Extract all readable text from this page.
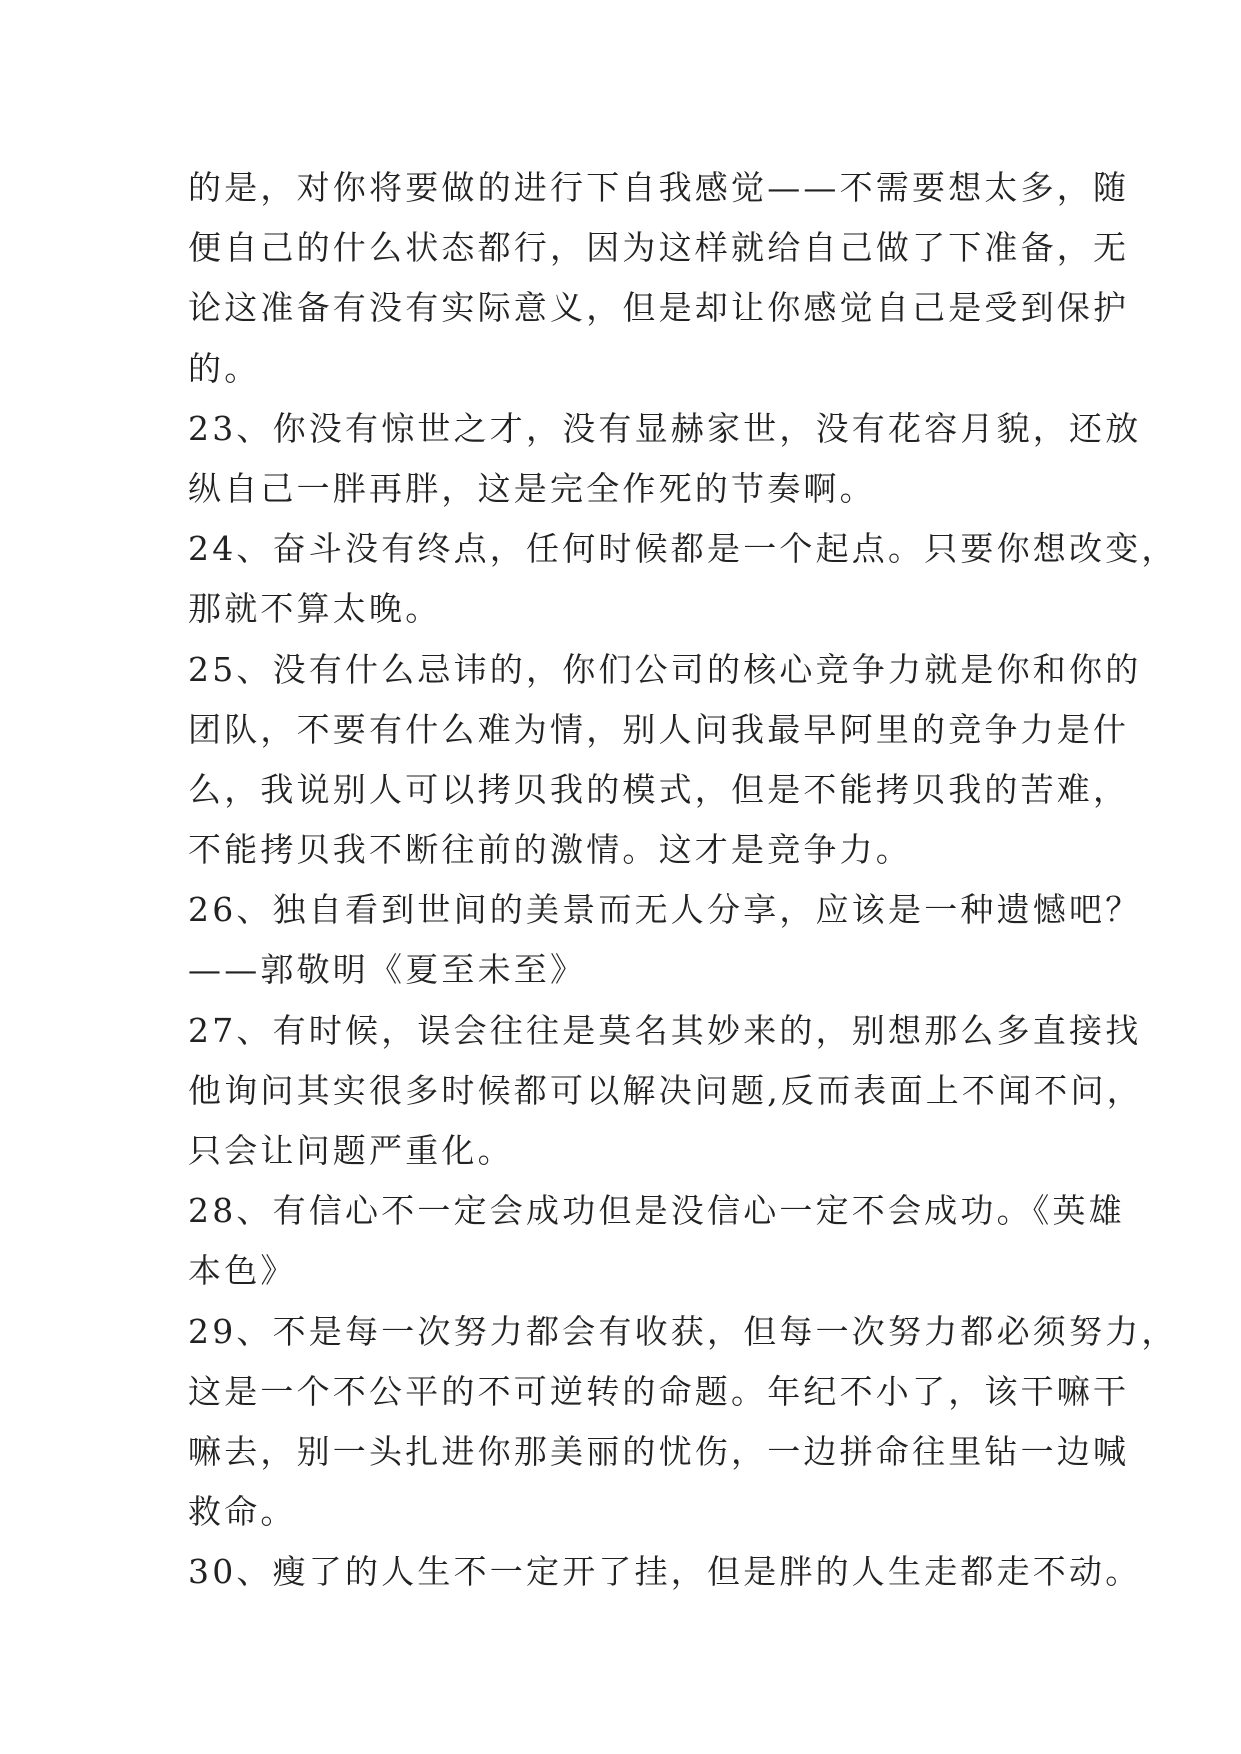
的是，对你将要做的进行下自我感觉——不需要想太多，随
便自己的什么状态都行，因为这样就给自己做了下准备，无
论这准备有没有实际意义，但是却让你感觉自己是受到保护
的。
23、你没有惊世之才，没有显赫家世，没有花容月貌，还放
纵自己一胖再胖，这是完全作死的节奏啊。
24、奋斗没有终点，任何时候都是一个起点。只要你想改变，
那就不算太晚。
25、没有什么忌讳的，你们公司的核心竞争力就是你和你的
团队，不要有什么难为情，别人问我最早阿里的竞争力是什
么，我说别人可以拷贝我的模式，但是不能拷贝我的苦难，
不能拷贝我不断往前的激情。这才是竞争力。
26、独自看到世间的美景而无人分享，应该是一种遗憾吧？
——郭敬明《夏至未至》
27、有时候，误会往往是莫名其妙来的，别想那么多直接找
他询问其实很多时候都可以解决问题,反而表面上不闻不问，
只会让问题严重化。
28、有信心不一定会成功但是没信心一定不会成功。《英雄
本色》
29、不是每一次努力都会有收获，但每一次努力都必须努力，
这是一个不公平的不可逆转的命题。年纪不小了，该干嘛干
嘛去，别一头扎进你那美丽的忧伤，一边拼命往里钻一边喊
救命。
30、瘦了的人生不一定开了挂，但是胖的人生走都走不动。
